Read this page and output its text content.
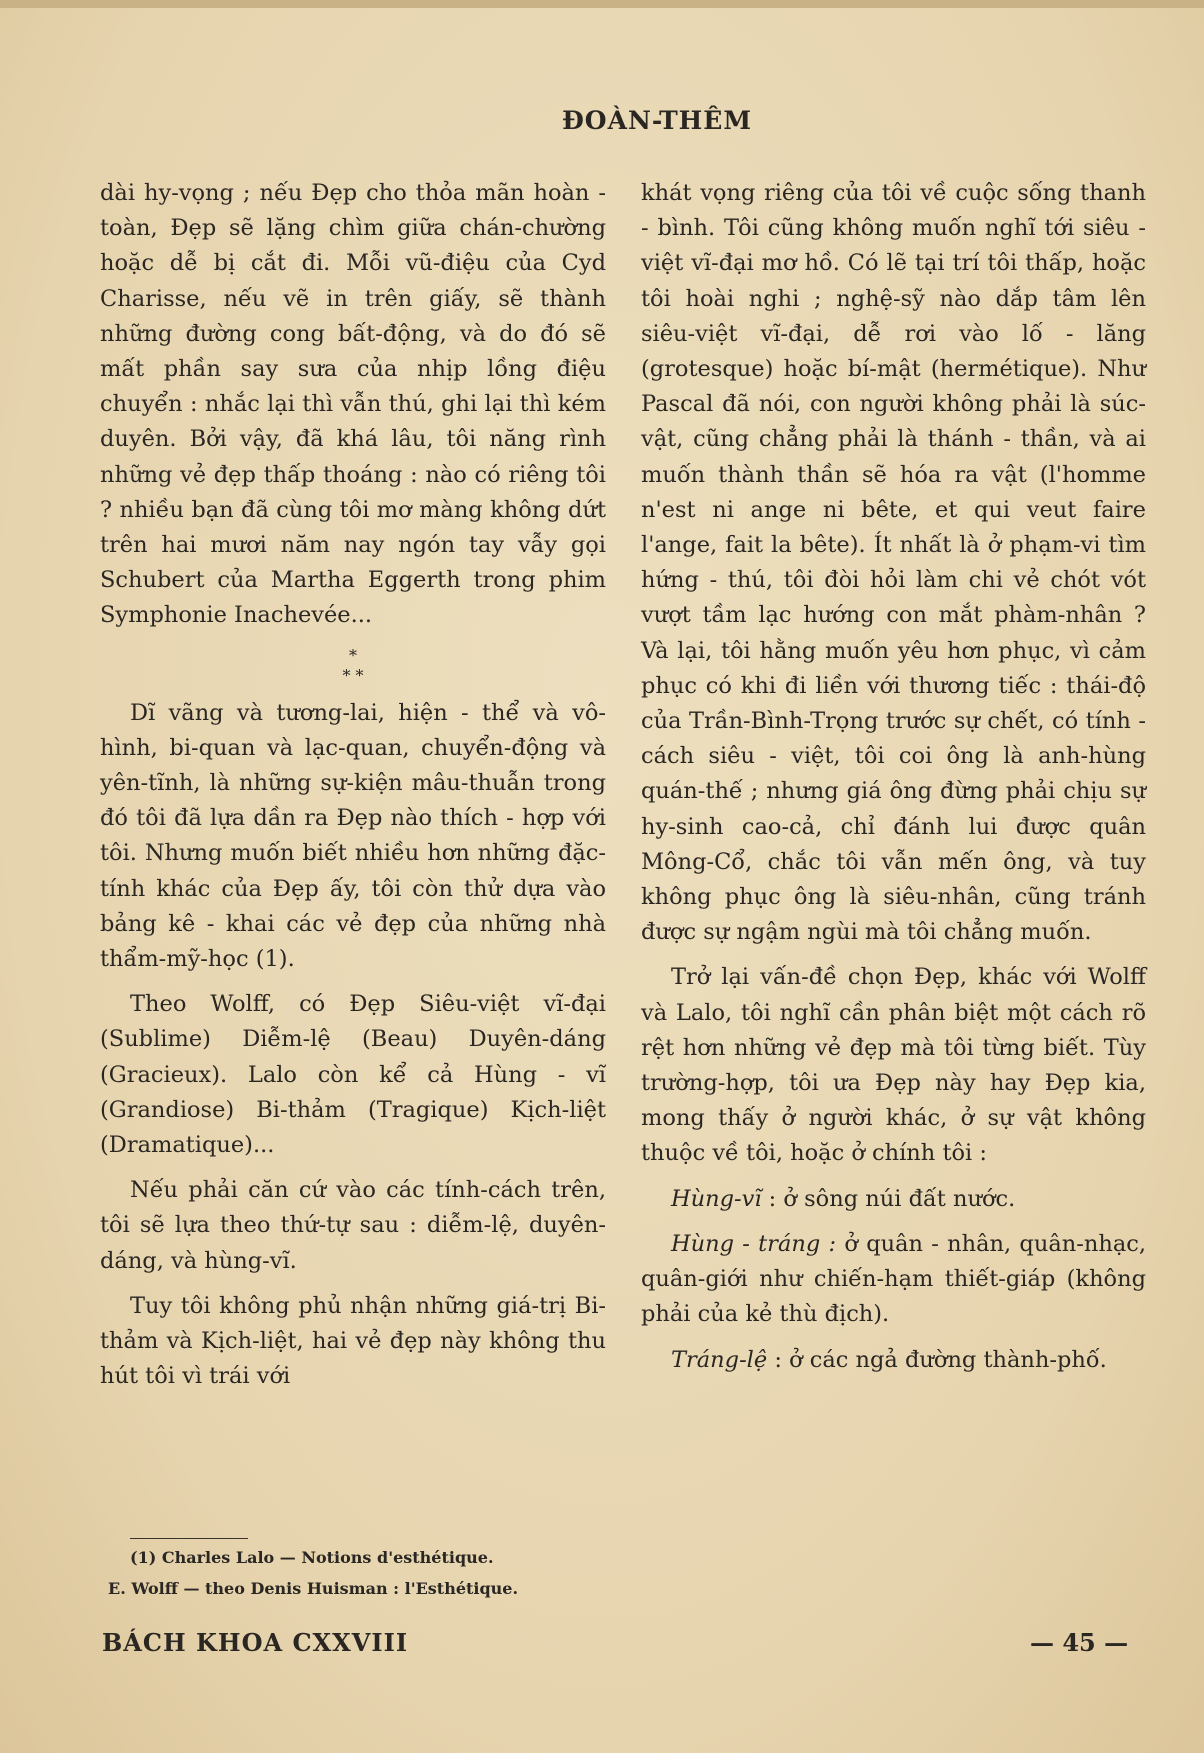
ĐOÀN-THÊM

dài hy-vọng ; nếu Đẹp cho thỏa mãn hoàn - toàn, Đẹp sẽ lặng chìm giữa chán-chường hoặc dễ bị cắt đi. Mỗi vũ-điệu của Cyd Charisse, nếu vẽ in trên giấy, sẽ thành những đường cong bất-động, và do đó sẽ mất phần say sưa của nhịp lồng điệu chuyển : nhắc lại thì vẫn thú, ghi lại thì kém duyên. Bởi vậy, đã khá lâu, tôi năng rình những vẻ đẹp thấp thoáng : nào có riêng tôi ? nhiều bạn đã cùng tôi mơ màng không dứt trên hai mươi năm nay ngón tay vẫy gọi Schubert của Martha Eggerth trong phim Symphonie Inachevée...

*
* *

Dĩ vãng và tương-lai, hiện - thể và vô-hình, bi-quan và lạc-quan, chuyển-động và yên-tĩnh, là những sự-kiện mâu-thuẫn trong đó tôi đã lựa dần ra Đẹp nào thích - hợp với tôi. Nhưng muốn biết nhiều hơn những đặc-tính khác của Đẹp ấy, tôi còn thử dựa vào bảng kê - khai các vẻ đẹp của những nhà thẩm-mỹ-học (1).

Theo Wolff, có Đẹp Siêu-việt vĩ-đại (Sublime) Diễm-lệ (Beau) Duyên-dáng (Gracieux). Lalo còn kể cả Hùng - vĩ (Grandiose) Bi-thảm (Tragique) Kịch-liệt (Dramatique)...

Nếu phải căn cứ vào các tính-cách trên, tôi sẽ lựa theo thứ-tự sau : diễm-lệ, duyên-dáng, và hùng-vĩ.

Tuy tôi không phủ nhận những giá-trị Bi-thảm và Kịch-liệt, hai vẻ đẹp này không thu hút tôi vì trái với

khát vọng riêng của tôi về cuộc sống thanh - bình. Tôi cũng không muốn nghĩ tới siêu - việt vĩ-đại mơ hồ. Có lẽ tại trí tôi thấp, hoặc tôi hoài nghi ; nghệ-sỹ nào dắp tâm lên siêu-việt vĩ-đại, dễ rơi vào lố - lăng (grotesque) hoặc bí-mật (hermétique). Như Pascal đã nói, con người không phải là súc-vật, cũng chẳng phải là thánh - thần, và ai muốn thành thần sẽ hóa ra vật (l'homme n'est ni ange ni bête, et qui veut faire l'ange, fait la bête). Ít nhất là ở phạm-vi tìm hứng - thú, tôi đòi hỏi làm chi vẻ chót vót vượt tầm lạc hướng con mắt phàm-nhân ? Và lại, tôi hằng muốn yêu hơn phục, vì cảm phục có khi đi liền với thương tiếc : thái-độ của Trần-Bình-Trọng trước sự chết, có tính - cách siêu - việt, tôi coi ông là anh-hùng quán-thế ; nhưng giá ông đừng phải chịu sự hy-sinh cao-cả, chỉ đánh lui được quân Mông-Cổ, chắc tôi vẫn mến ông, và tuy không phục ông là siêu-nhân, cũng tránh được sự ngậm ngùi mà tôi chẳng muốn.

Trở lại vấn-đề chọn Đẹp, khác với Wolff và Lalo, tôi nghĩ cần phân biệt một cách rõ rệt hơn những vẻ đẹp mà tôi từng biết. Tùy trường-hợp, tôi ưa Đẹp này hay Đẹp kia, mong thấy ở người khác, ở sự vật không thuộc về tôi, hoặc ở chính tôi :

Hùng-vĩ : ở sông núi đất nước.

Hùng - tráng : ở quân - nhân, quân-nhạc, quân-giới như chiến-hạm thiết-giáp (không phải của kẻ thù địch).

Tráng-lệ : ở các ngả đường thành-phố.

(1) Charles Lalo — Notions d'esthétique.

E. Wolff — theo Denis Huisman : l'Esthétique.

BÁCH KHOA CXXVIII	— 45 —
